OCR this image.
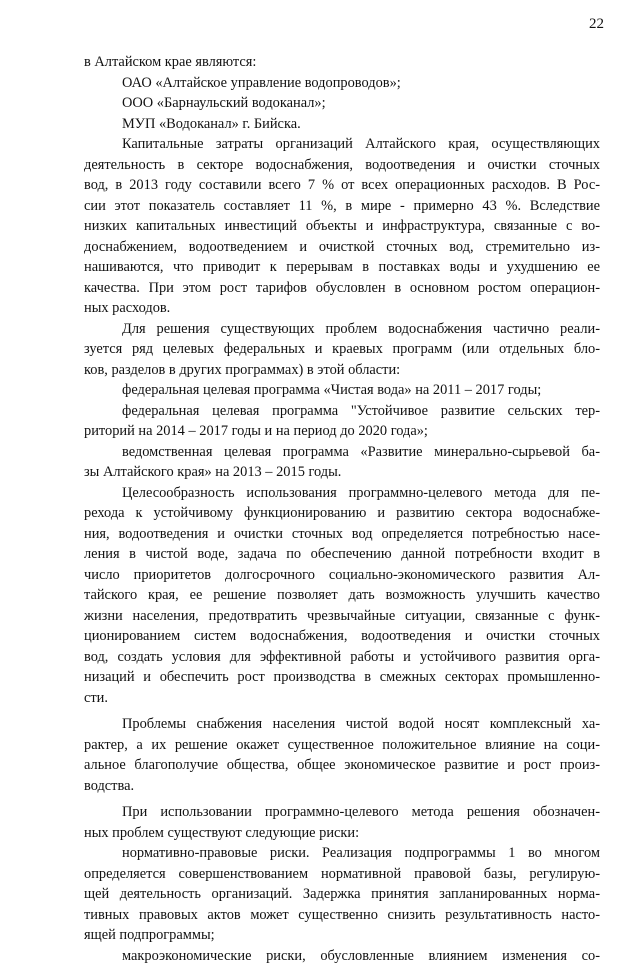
22
в Алтайском крае являются:
ОАО «Алтайское управление водопроводов»;
ООО «Барнаульский водоканал»;
МУП «Водоканал» г. Бийска.
Капитальные затраты организаций Алтайского края, осуществляющих
деятельность в секторе водоснабжения, водоотведения и очистки сточных
вод, в 2013 году составили всего 7 % от всех операционных расходов. В Рос-
сии этот показатель составляет 11 %, в мире - примерно 43 %. Вследствие
низких капитальных инвестиций объекты и инфраструктура, связанные с во-
доснабжением, водоотведением и очисткой сточных вод, стремительно из-
нашиваются, что приводит к перерывам в поставках воды и ухудшению ее
качества. При этом рост тарифов обусловлен в основном ростом операцион-
ных расходов.
Для решения существующих проблем водоснабжения частично реали-
зуется ряд целевых федеральных и краевых программ (или отдельных бло-
ков, разделов в других программах) в этой области:
федеральная целевая программа «Чистая вода» на 2011 – 2017 годы;
федеральная целевая программа "Устойчивое развитие сельских тер-
риторий на 2014 – 2017 годы и на период до 2020 года»;
ведомственная целевая программа «Развитие минерально-сырьевой ба-
зы Алтайского края» на 2013 – 2015 годы.
Целесообразность использования программно-целевого метода для пе-
рехода к устойчивому функционированию и развитию сектора водоснабже-
ния, водоотведения и очистки сточных вод определяется потребностью насе-
ления в чистой воде, задача по обеспечению данной потребности входит в
число приоритетов долгосрочного социально-экономического развития Ал-
тайского края, ее решение позволяет дать возможность улучшить качество
жизни населения, предотвратить чрезвычайные ситуации, связанные с функ-
ционированием систем водоснабжения, водоотведения и очистки сточных
вод, создать условия для эффективной работы и устойчивого развития орга-
низаций и обеспечить рост производства в смежных секторах промышленно-
сти.
Проблемы снабжения населения чистой водой носят комплексный ха-
рактер, а их решение окажет существенное положительное влияние на соци-
альное благополучие общества, общее экономическое развитие и рост произ-
водства.
При использовании программно-целевого метода решения обозначен-
ных проблем существуют следующие риски:
нормативно-правовые риски. Реализация подпрограммы 1 во многом
определяется совершенствованием нормативной правовой базы, регулирую-
щей деятельность организаций. Задержка принятия запланированных норма-
тивных правовых актов может существенно снизить результативность насто-
ящей подпрограммы;
макроэкономические риски, обусловленные влиянием изменения со-
